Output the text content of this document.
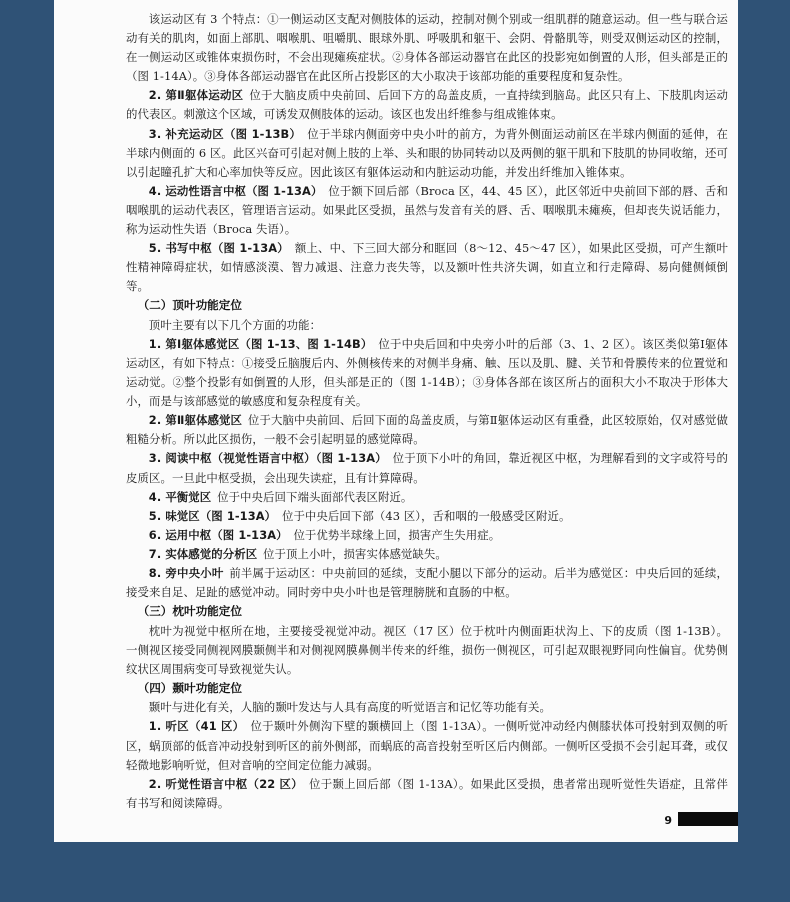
该运动区有 3 个特点：①一侧运动区支配对侧肢体的运动，控制对侧个别或一组肌群的随意运动。但一些与联合运动有关的肌肉，如面上部肌、咽喉肌、咀嚼肌、眼球外肌、呼吸肌和躯干、会阴、骨骼肌等，则受双侧运动区的控制，在一侧运动区或锥体束损伤时，不会出现瘫痪症状。②身体各部运动器官在此区的投影宛如倒置的人形，但头部是正的（图 1-14A）。③身体各部运动器官在此区所占投影区的大小取决于该部功能的重要程度和复杂性。

2. 第Ⅱ躯体运动区  位于大脑皮质中央前回、后回下方的岛盖皮质，一直持续到脑岛。此区只有上、下肢肌肉运动的代表区。刺激这个区域，可诱发双侧肢体的运动。该区也发出纤维参与组成锥体束。

3. 补充运动区（图 1-13B）  位于半球内侧面旁中央小叶的前方，为背外侧面运动前区在半球内侧面的延伸，在半球内侧面的 6 区。此区兴奋可引起对侧上肢的上举、头和眼的协同转动以及两侧的躯干肌和下肢肌的协同收缩，还可以引起瞳孔扩大和心率加快等反应。因此该区有躯体运动和内脏运动功能，并发出纤维加入锥体束。

4. 运动性语言中枢（图 1-13A）  位于额下回后部（Broca 区，44、45 区），此区邻近中央前回下部的唇、舌和咽喉肌的运动代表区，管理语言运动。如果此区受损，虽然与发音有关的唇、舌、咽喉肌未瘫痪，但却丧失说话能力，称为运动性失语（Broca 失语）。

5. 书写中枢（图 1-13A）  额上、中、下三回大部分和眶回（8～12、45～47 区），如果此区受损，可产生额叶性精神障碍症状，如情感淡漠、智力减退、注意力丧失等，以及额叶性共济失调，如直立和行走障碍、易向健侧倾倒等。

（二）顶叶功能定位

顶叶主要有以下几个方面的功能：

1. 第Ⅰ躯体感觉区（图 1-13、图 1-14B）  位于中央后回和中央旁小叶的后部（3、1、2 区）。该区类似第Ⅰ躯体运动区，有如下特点：①接受丘脑腹后内、外侧核传来的对侧半身痛、触、压以及肌、腱、关节和骨膜传来的位置觉和运动觉。②整个投影有如倒置的人形，但头部是正的（图 1-14B）；③身体各部在该区所占的面积大小不取决于形体大小，而是与该部感觉的敏感度和复杂程度有关。

2. 第Ⅱ躯体感觉区  位于大脑中央前回、后回下面的岛盖皮质，与第Ⅱ躯体运动区有重叠，此区较原始，仅对感觉做粗糙分析。所以此区损伤，一般不会引起明显的感觉障碍。

3. 阅读中枢（视觉性语言中枢）（图 1-13A）  位于顶下小叶的角回，靠近视区中枢，为理解看到的文字或符号的皮质区。一旦此中枢受损，会出现失读症，且有计算障碍。

4. 平衡觉区  位于中央后回下端头面部代表区附近。

5. 味觉区（图 1-13A）  位于中央后回下部（43 区），舌和咽的一般感受区附近。

6. 运用中枢（图 1-13A）  位于优势半球缘上回，损害产生失用症。

7. 实体感觉的分析区  位于顶上小叶，损害实体感觉缺失。

8. 旁中央小叶  前半属于运动区：中央前回的延续，支配小腿以下部分的运动。后半为感觉区：中央后回的延续，接受来自足、足趾的感觉冲动。同时旁中央小叶也是管理膀胱和直肠的中枢。

（三）枕叶功能定位

枕叶为视觉中枢所在地，主要接受视觉冲动。视区（17 区）位于枕叶内侧面距状沟上、下的皮质（图 1-13B）。一侧视区接受同侧视网膜颞侧半和对侧视网膜鼻侧半传来的纤维，损伤一侧视区，可引起双眼视野同向性偏盲。优势侧纹状区周围病变可导致视觉失认。

（四）颞叶功能定位

颞叶与进化有关，人脑的颞叶发达与人具有高度的听觉语言和记忆等功能有关。

1. 听区（41 区）  位于颞叶外侧沟下壁的颞横回上（图 1-13A）。一侧听觉冲动经内侧膝状体可投射到双侧的听区，蜗顶部的低音冲动投射到听区的前外侧部，而蜗底的高音投射至听区后内侧部。一侧听区受损不会引起耳聋，或仅轻微地影响听觉，但对音响的空间定位能力减弱。

2. 听觉性语言中枢（22 区）  位于颞上回后部（图 1-13A）。如果此区受损，患者常出现听觉性失语症，且常伴有书写和阅读障碍。

9
